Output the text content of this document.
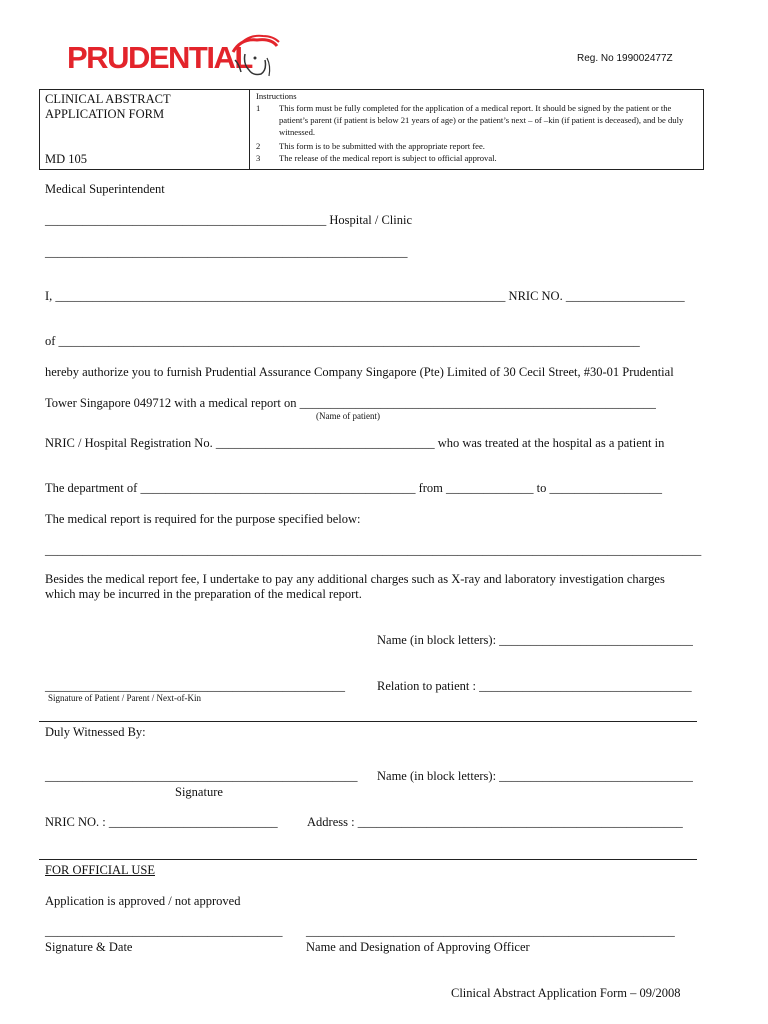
PRUDENTIAL	Reg. No 199002477Z
CLINICAL ABSTRACT
APPLICATION FORM
MD 105
Instructions
1 This form must be fully completed for the application of a medical report. It should be signed by the patient or the patient’s parent (if patient is below 21 years of age) or the patient’s next – of –kin (if patient is deceased), and be duly witnessed.
2 This form is to be submitted with the appropriate report fee.
3 The release of the medical report is subject to official approval.
Medical Superintendent
_____________________________________________ Hospital / Clinic
__________________________________________________________
I, ________________________________________________________________________ NRIC NO. ___________________
of _____________________________________________________________________________________________
hereby authorize you to furnish Prudential Assurance Company Singapore (Pte) Limited of 30 Cecil Street, #30-01 Prudential
Tower Singapore 049712 with a medical report on _________________________________________________________
(Name of patient)
NRIC / Hospital Registration No. ___________________________________ who was treated at the hospital as a patient in
The department of ____________________________________________ from ______________ to __________________
The medical report is required for the purpose specified below:
_________________________________________________________________________________________________________
Besides the medical report fee, I undertake to pay any additional charges such as X-ray and laboratory investigation charges
which may be incurred in the preparation of the medical report.
Name (in block letters): _______________________________
________________________________________________	Relation to patient : __________________________________
Signature of Patient / Parent / Next-of-Kin
Duly Witnessed By:
__________________________________________________ Name (in block letters): _______________________________
Signature
NRIC NO. : ___________________________ Address : ____________________________________________________
FOR OFFICIAL USE
Application is approved / not approved
______________________________________ ___________________________________________________________
Signature & Date	Name and Designation of Approving Officer
Clinical Abstract Application Form – 09/2008
